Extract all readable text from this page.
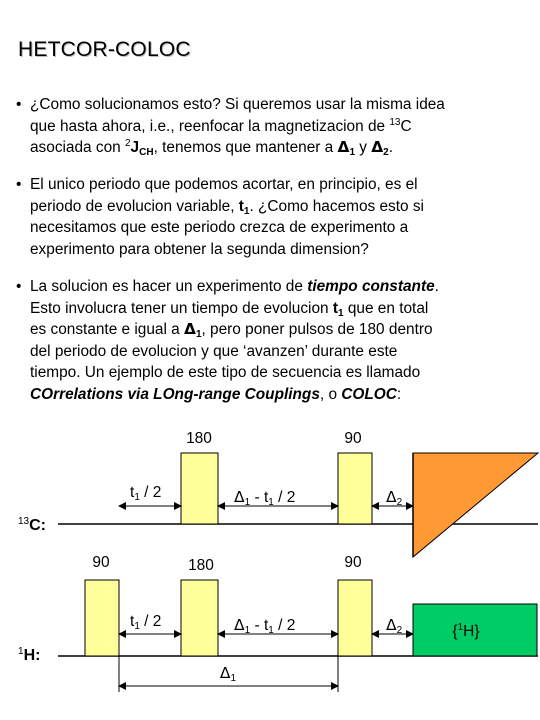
HETCOR-COLOC
• ¿Como solucionamos esto? Si queremos usar la misma idea
que hasta ahora, i.e., reenfocar la magnetizacion de $^{13}$C
asociada con $^2J_{CH}$, tenemos que mantener a $\Delta_1$ y $\Delta_2$.
• El unico periodo que podemos acortar, en principio, es el
periodo de evolucion variable, $t_1$. ¿Como hacemos esto si
necesitamos que este periodo crezca de experimento a
experimento para obtener la segunda dimension?
• La solucion es hacer un experimento de tiempo constante.
Esto involucra tener un tiempo de evolucion $t_1$ que en total
es constante e igual a $\Delta_1$, pero poner pulsos de 180 dentro
del periodo de evolucion y que ‘avanzen’ durante este
tiempo. Un ejemplo de este tipo de secuencia es llamado
COrrelations via LOng-range Couplings, o COLOC:
180	90
t1 / 2	Δ1 - t1 / 2	Δ2
$^{13}$C:
90	180	90
t1 / 2	Δ1 - t1 / 2	Δ2	{$^1$H}
$^1$H:
Δ1
